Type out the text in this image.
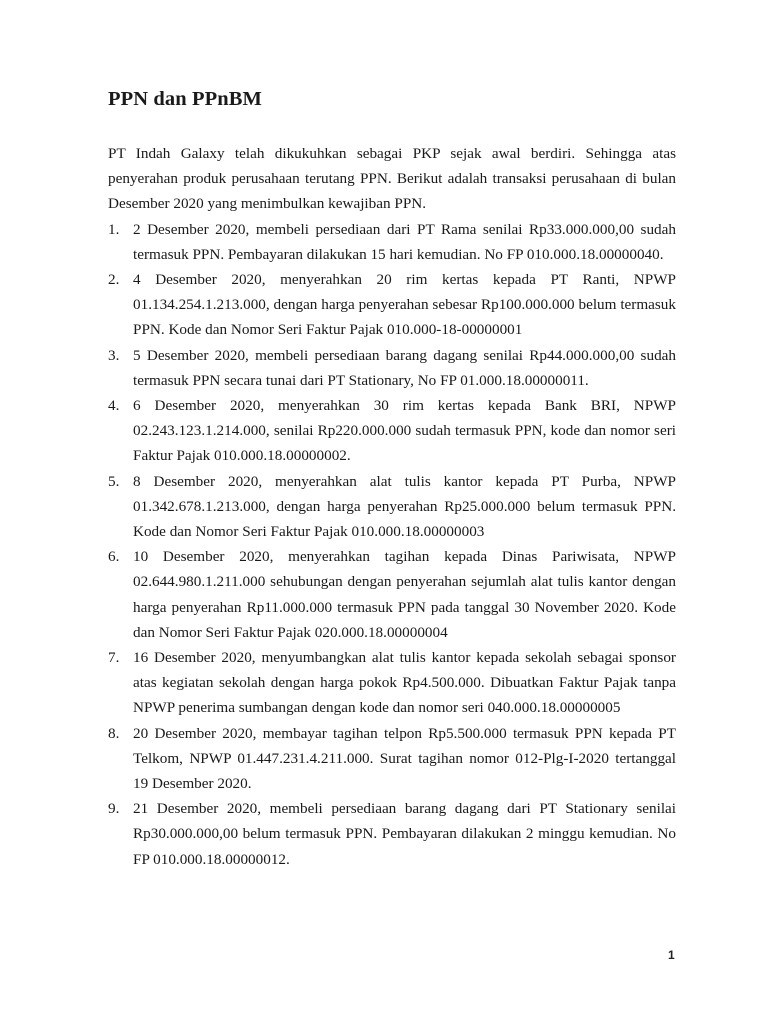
PPN dan PPnBM

PT Indah Galaxy telah dikukuhkan sebagai PKP sejak awal berdiri. Sehingga atas penyerahan produk perusahaan terutang PPN. Berikut adalah transaksi perusahaan di bulan Desember 2020 yang menimbulkan kewajiban PPN.

1. 2 Desember 2020, membeli persediaan dari PT Rama senilai Rp33.000.000,00 sudah termasuk PPN. Pembayaran dilakukan 15 hari kemudian. No FP 010.000.18.00000040.
2. 4 Desember 2020, menyerahkan 20 rim kertas kepada PT Ranti, NPWP 01.134.254.1.213.000, dengan harga penyerahan sebesar Rp100.000.000 belum termasuk PPN. Kode dan Nomor Seri Faktur Pajak 010.000-18-00000001
3. 5 Desember 2020, membeli persediaan barang dagang senilai Rp44.000.000,00 sudah termasuk PPN secara tunai dari PT Stationary, No FP 01.000.18.00000011.
4. 6 Desember 2020, menyerahkan 30 rim kertas kepada Bank BRI, NPWP 02.243.123.1.214.000, senilai Rp220.000.000 sudah termasuk PPN, kode dan nomor seri Faktur Pajak 010.000.18.00000002.
5. 8 Desember 2020, menyerahkan alat tulis kantor kepada PT Purba, NPWP 01.342.678.1.213.000, dengan harga penyerahan Rp25.000.000 belum termasuk PPN. Kode dan Nomor Seri Faktur Pajak 010.000.18.00000003
6. 10 Desember 2020, menyerahkan tagihan kepada Dinas Pariwisata, NPWP 02.644.980.1.211.000 sehubungan dengan penyerahan sejumlah alat tulis kantor dengan harga penyerahan Rp11.000.000 termasuk PPN pada tanggal 30 November 2020. Kode dan Nomor Seri Faktur Pajak 020.000.18.00000004
7. 16 Desember 2020, menyumbangkan alat tulis kantor kepada sekolah sebagai sponsor atas kegiatan sekolah dengan harga pokok Rp4.500.000. Dibuatkan Faktur Pajak tanpa NPWP penerima sumbangan dengan kode dan nomor seri 040.000.18.00000005
8. 20 Desember 2020, membayar tagihan telpon Rp5.500.000 termasuk PPN kepada PT Telkom, NPWP 01.447.231.4.211.000. Surat tagihan nomor 012-Plg-I-2020 tertanggal 19 Desember 2020.
9. 21 Desember 2020, membeli persediaan barang dagang dari PT Stationary senilai Rp30.000.000,00 belum termasuk PPN. Pembayaran dilakukan 2 minggu kemudian. No FP 010.000.18.00000012.
1
